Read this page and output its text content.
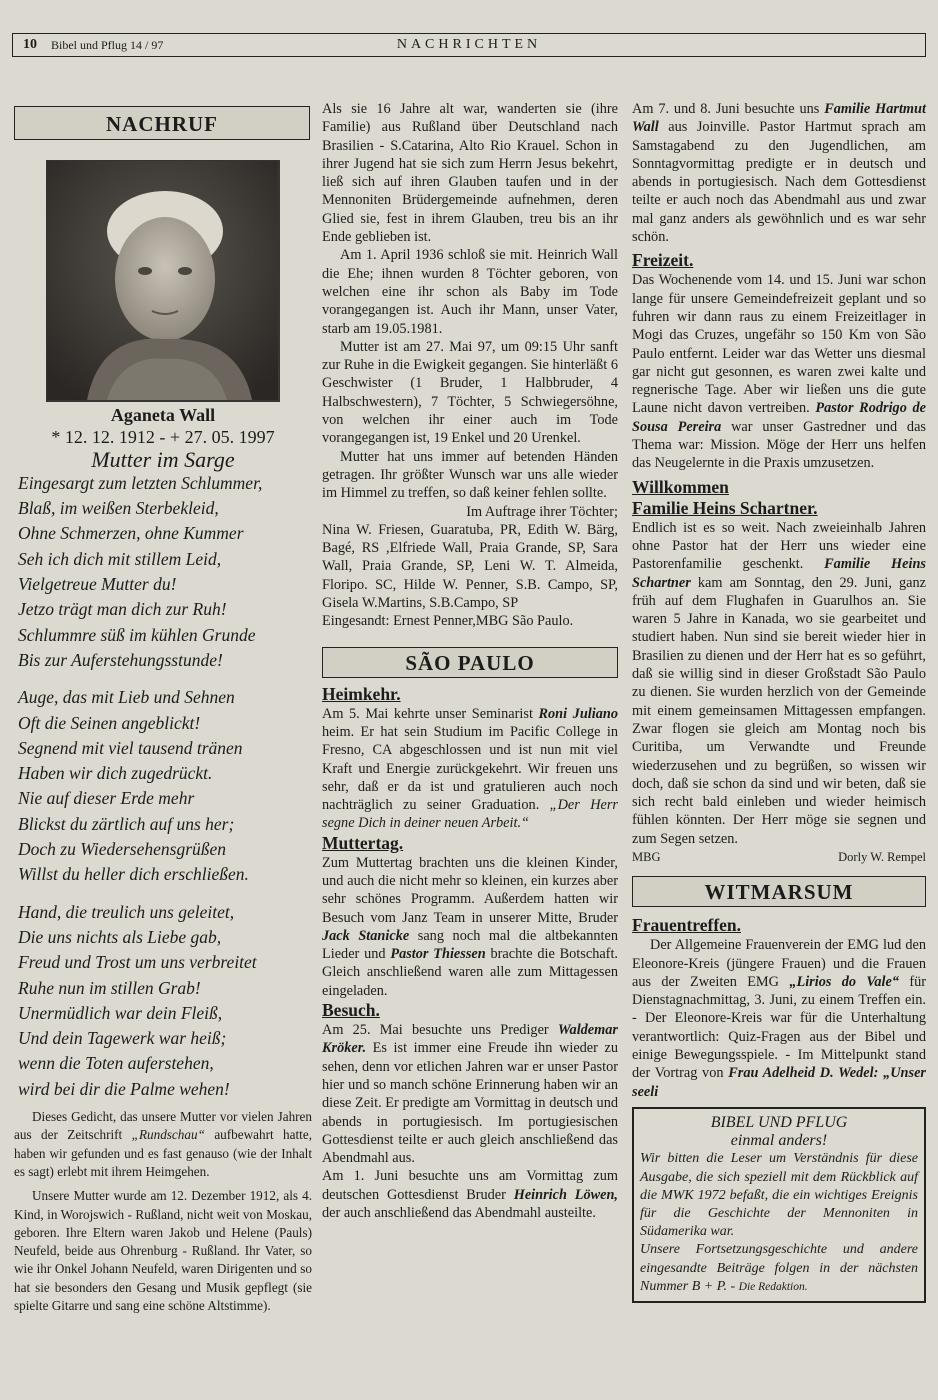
10 Bibel und Pflug 14 / 97	NACHRICHTEN
NACHRUF
Aganeta Wall
* 12. 12. 1912 - + 27. 05. 1997
Mutter im Sarge
Eingesargt zum letzten Schlummer,
Blaß, im weißen Sterbekleid,
Ohne Schmerzen, ohne Kummer
Seh ich dich mit stillem Leid,
Vielgetreue Mutter du!
Jetzo trägt man dich zur Ruh!
Schlummre süß im kühlen Grunde
Bis zur Auferstehungsstunde!
Auge, das mit Lieb und Sehnen
Oft die Seinen angeblickt!
Segnend mit viel tausend tränen
Haben wir dich zugedrückt.
Nie auf dieser Erde mehr
Blickst du zärtlich auf uns her;
Doch zu Wiedersehensgrüßen
Willst du heller dich erschließen.
Hand, die treulich uns geleitet,
Die uns nichts als Liebe gab,
Freud und Trost um uns verbreitet
Ruhe nun im stillen Grab!
Unermüdlich war dein Fleiß,
Und dein Tagewerk war heiß;
wenn die Toten auferstehen,
wird bei dir die Palme wehen!

Dieses Gedicht, das unsere Mutter vor vielen Jahren aus der Zeitschrift „Rundschau“ aufbewahrt hatte, haben wir gefunden und es fast genauso (wie der Inhalt es sagt) erlebt mit ihrem Heimgehen.

Unsere Mutter wurde am 12. Dezember 1912, als 4. Kind, in Worojswich - Rußland, nicht weit von Moskau, geboren. Ihre Eltern waren Jakob und Helene (Pauls) Neufeld, beide aus Ohrenburg - Rußland. Ihr Vater, so wie ihr Onkel Johann Neufeld, waren Dirigenten und so hat sie besonders den Gesang und Musik gepflegt (sie spielte Gitarre und sang eine schöne Altstimme).

Als sie 16 Jahre alt war, wanderten sie (ihre Familie) aus Rußland über Deutschland nach Brasilien - S.Catarina, Alto Rio Krauel. Schon in ihrer Jugend hat sie sich zum Herrn Jesus bekehrt, ließ sich auf ihren Glauben taufen und in der Mennoniten Brüdergemeinde aufnehmen, deren Glied sie, fest in ihrem Glauben, treu bis an ihr Ende geblieben ist.

Am 1. April 1936 schloß sie mit. Heinrich Wall die Ehe; ihnen wurden 8 Töchter geboren, von welchen eine ihr schon als Baby im Tode vorangegangen ist. Auch ihr Mann, unser Vater, starb am 19.05.1981.

Mutter ist am 27. Mai 97, um 09:15 Uhr sanft zur Ruhe in die Ewigkeit gegangen. Sie hinterläßt 6 Geschwister (1 Bruder, 1 Halbbruder, 4 Halbschwestern), 7 Töchter, 5 Schwiegersöhne, von welchen ihr einer auch im Tode vorangegangen ist, 19 Enkel und 20 Urenkel.

Mutter hat uns immer auf betenden Händen getragen. Ihr größter Wunsch war uns alle wieder im Himmel zu treffen, so daß keiner fehlen sollte.

Im Auftrage ihrer Töchter;

Nina W. Friesen, Guaratuba, PR, Edith W. Bärg, Bagé, RS ,Elfriede Wall, Praia Grande, SP, Sara Wall, Praia Grande, SP, Leni W. T. Almeida, Floripo. SC, Hilde W. Penner, S.B. Campo, SP, Gisela W.Martins, S.B.Campo, SP

Eingesandt: Ernest Penner,MBG São Paulo.

SÃO PAULO
Heimkehr.

Am 5. Mai kehrte unser Seminarist Roni Juliano heim. Er hat sein Studium im Pacific College in Fresno, CA abgeschlossen und ist nun mit viel Kraft und Energie zurückgekehrt. Wir freuen uns sehr, daß er da ist und gratulieren auch noch nachträglich zu seiner Graduation. „Der Herr segne Dich in deiner neuen Arbeit.“

Muttertag.

Zum Muttertag brachten uns die kleinen Kinder, und auch die nicht mehr so kleinen, ein kurzes aber sehr schönes Programm. Außerdem hatten wir Besuch vom Janz Team in unserer Mitte, Bruder Jack Stanicke sang noch mal die altbekannten Lieder und Pastor Thiessen brachte die Botschaft. Gleich anschließend waren alle zum Mittagessen eingeladen.

Besuch.

Am 25. Mai besuchte uns Prediger Waldemar Kröker. Es ist immer eine Freude ihn wieder zu sehen, denn vor etlichen Jahren war er unser Pastor hier und so manch schöne Erinnerung haben wir an diese Zeit. Er predigte am Vormittag in deutsch und abends in portugiesisch. Im portugiesischen Gottesdienst teilte er auch gleich anschließend das Abendmahl aus.

Am 1. Juni besuchte uns am Vormittag zum deutschen Gottesdienst Bruder Heinrich Löwen, der auch anschließend das Abendmahl austeilte.

Am 7. und 8. Juni besuchte uns Familie Hartmut Wall aus Joinville. Pastor Hartmut sprach am Samstagabend zu den Jugendlichen, am Sonntagvormittag predigte er in deutsch und abends in portugiesisch. Nach dem Gottesdienst teilte er auch noch das Abendmahl aus und zwar mal ganz anders als gewöhnlich und es war sehr schön.

Freizeit.

Das Wochenende vom 14. und 15. Juni war schon lange für unsere Gemeindefreizeit geplant und so fuhren wir dann raus zu einem Freizeitlager in Mogi das Cruzes, ungefähr so 150 Km von São Paulo entfernt. Leider war das Wetter uns diesmal gar nicht gut gesonnen, es waren zwei kalte und regnerische Tage. Aber wir ließen uns die gute Laune nicht davon vertreiben. Pastor Rodrigo de Sousa Pereira war unser Gastredner und das Thema war: Mission. Möge der Herr uns helfen das Neugelernte in die Praxis umzusetzen.

Willkommen
Familie Heins Schartner.

Endlich ist es so weit. Nach zweieinhalb Jahren ohne Pastor hat der Herr uns wieder eine Pastorenfamilie geschenkt. Familie Heins Schartner kam am Sonntag, den 29. Juni, ganz früh auf dem Flughafen in Guarulhos an. Sie waren 5 Jahre in Kanada, wo sie gearbeitet und studiert haben. Nun sind sie bereit wieder hier in Brasilien zu dienen und der Herr hat es so geführt, daß sie willig sind in dieser Großstadt São Paulo zu dienen. Sie wurden herzlich von der Gemeinde mit einem gemeinsamen Mittagessen empfangen. Zwar flogen sie gleich am Montag noch bis Curitiba, um Verwandte und Freunde wiederzusehen und zu begrüßen, so wissen wir doch, daß sie schon da sind und wir beten, daß sie sich recht bald einleben und wieder heimisch fühlen könnten. Der Herr möge sie segnen und zum Segen setzen.

MBG	Dorly W. Rempel
WITMARSUM
Frauentreffen.

Der Allgemeine Frauenverein der EMG lud den Eleonore-Kreis (jüngere Frauen) und die Frauen aus der Zweiten EMG „Lirios do Vale“ für Dienstagnachmittag, 3. Juni, zu einem Treffen ein. - Der Eleonore-Kreis war für die Unterhaltung verantwortlich: Quiz-Fragen aus der Bibel und einige Bewegungsspiele. - Im Mittelpunkt stand der Vortrag von Frau Adelheid D. Wedel: „Unser seeli

BIBEL UND PFLUG
einmal anders!
Wir bitten die Leser um Verständnis für diese Ausgabe, die sich speziell mit dem Rückblick auf die MWK 1972 befaßt, die ein wichtiges Ereignis für die Geschichte der Mennoniten in Südamerika war.
Unsere Fortsetzungsgeschichte und andere eingesandte Beiträge folgen in der nächsten Nummer B + P. - Die Redaktion.
